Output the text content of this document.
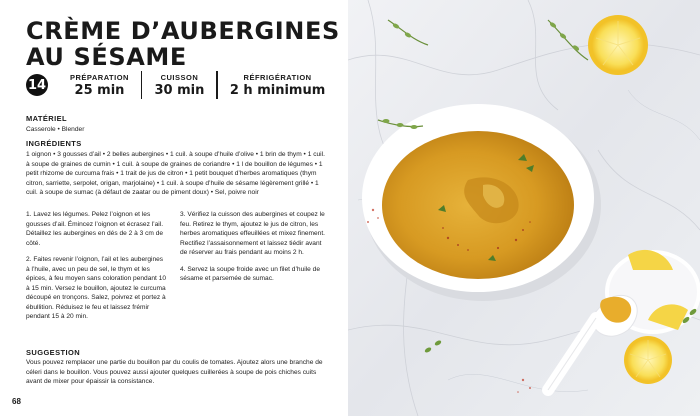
CRÈME D’AUBERGINES
AU SÉSAME
14
PRÉPARATION
25 min
CUISSON
30 min
RÉFRIGÉRATION
2 h minimum
MATÉRIEL

Casserole • Blender

INGRÉDIENTS

1 oignon • 3 gousses d’ail • 2 belles aubergines • 1 cuil. à soupe d’huile d’olive • 1 brin de thym • 1 cuil. à soupe de graines de cumin • 1 cuil. à soupe de graines de coriandre • 1 l de bouillon de légumes • 1 petit rhizome de curcuma frais • 1 trait de jus de citron • 1 petit bouquet d’herbes aromatiques (thym citron, sarriette, serpolet, origan, marjolaine) • 1 cuil. à soupe d’huile de sésame légèrement grillé • 1 cuil. à soupe de sumac (à défaut de zaatar ou de piment doux) • Sel, poivre noir

1. Lavez les légumes. Pelez l’oignon et les gousses d’ail. Émincez l’oignon et écrasez l’ail. Détaillez les aubergines en dés de 2 à 3 cm de côté.

2. Faites revenir l’oignon, l’ail et les aubergines à l’huile, avec un peu de sel, le thym et les épices, à feu moyen sans coloration pendant 10 à 15 min. Versez le bouillon, ajoutez le curcuma découpé en tronçons. Salez, poivrez et portez à ébullition. Réduisez le feu et laissez frémir pendant 15 à 20 min.

3. Vérifiez la cuisson des aubergines et coupez le feu. Retirez le thym, ajoutez le jus de citron, les herbes aromatiques effeuillées et mixez finement. Rectifiez l’assaisonnement et laissez tiédir avant de réserver au frais pendant au moins 2 h.

4. Servez la soupe froide avec un filet d’huile de sésame et parsemée de sumac.

SUGGESTION

Vous pouvez remplacer une partie du bouillon par du coulis de tomates. Ajoutez alors une branche de céleri dans le bouillon. Vous pouvez aussi ajouter quelques cuillerées à soupe de pois chiches cuits avant de mixer pour épaissir la consistance.

68
